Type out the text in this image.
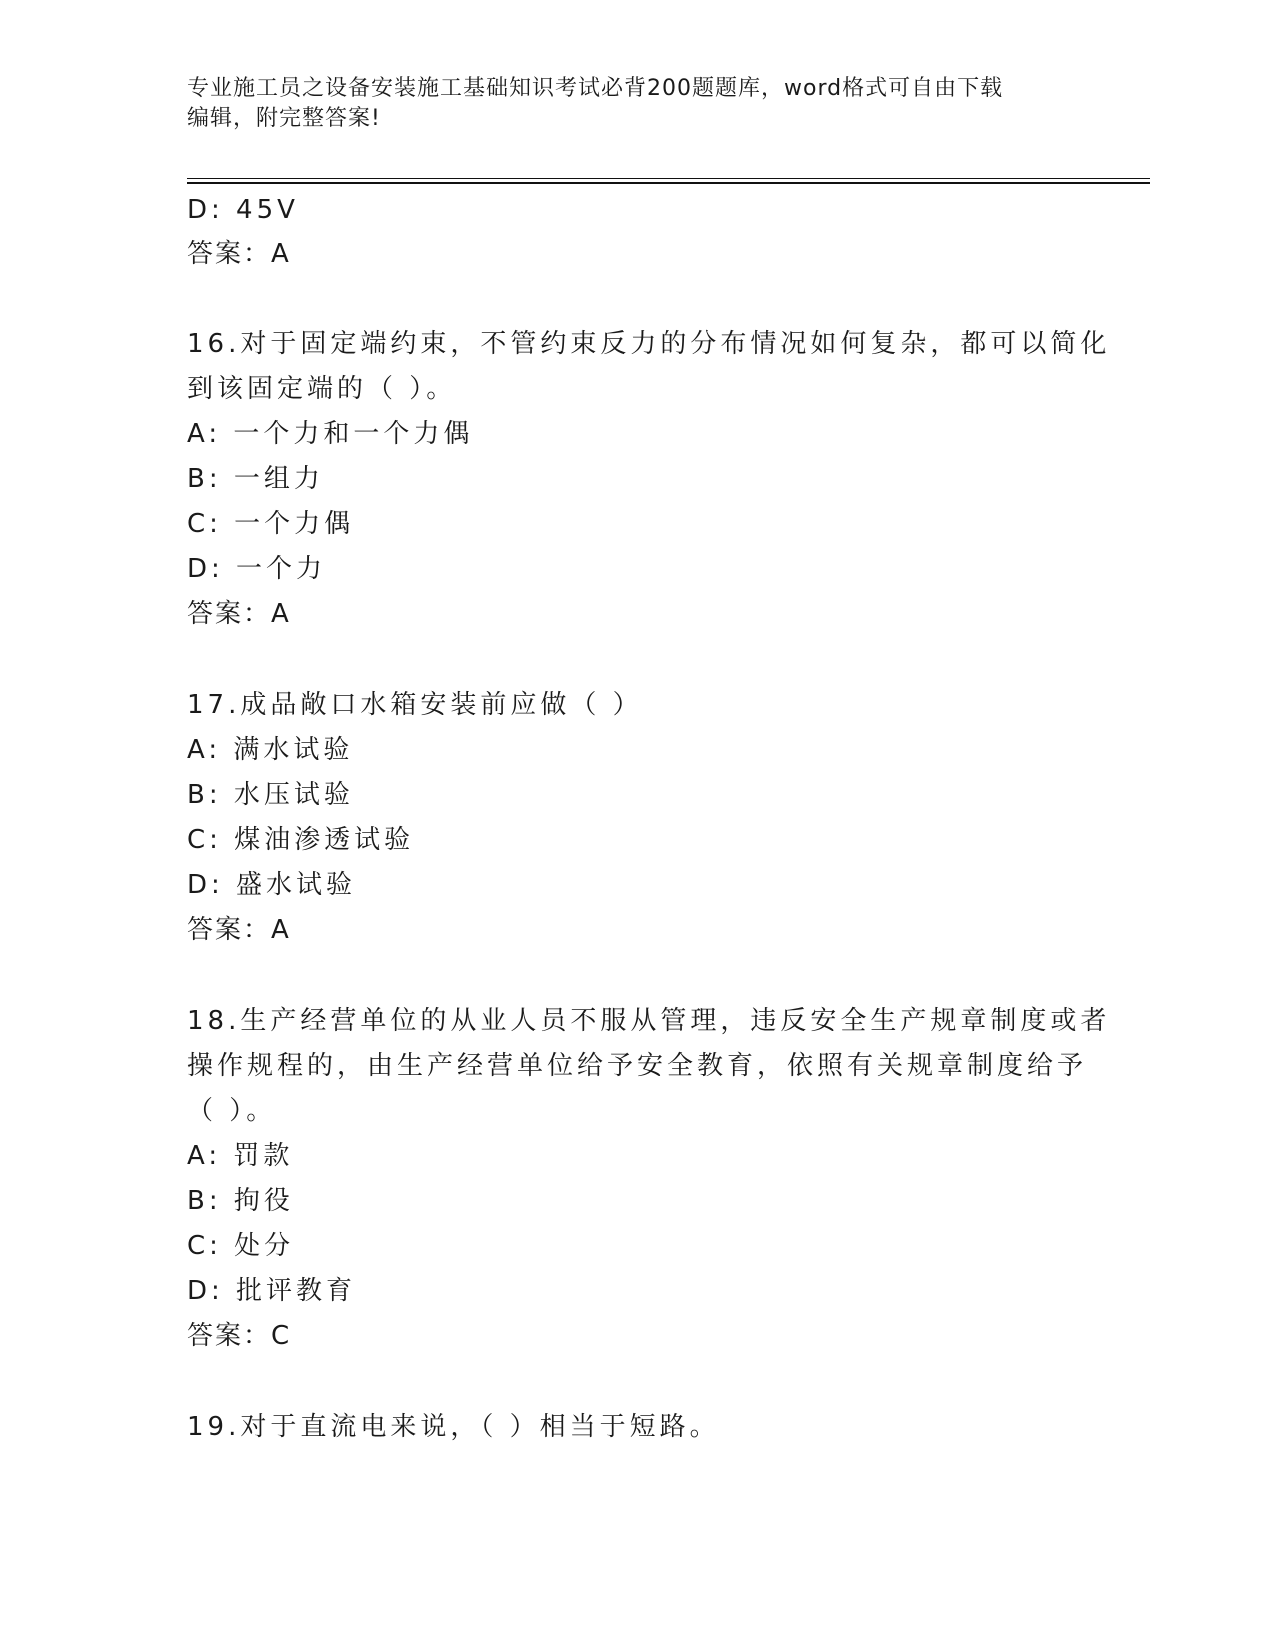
专业施工员之设备安装施工基础知识考试必背200题题库，word格式可自由下载
编辑，附完整答案!
D: 45V
答案：A
16.对于固定端约束，不管约束反力的分布情况如何复杂，都可以简化
到该固定端的（ ）。
A: 一个力和一个力偶
B: 一组力
C: 一个力偶
D: 一个力
答案：A
17.成品敞口水箱安装前应做（ ）
A: 满水试验
B: 水压试验
C: 煤油渗透试验
D: 盛水试验
答案：A
18.生产经营单位的从业人员不服从管理，违反安全生产规章制度或者
操作规程的，由生产经营单位给予安全教育，依照有关规章制度给予
（ ）。
A: 罚款
B: 拘役
C: 处分
D: 批评教育
答案：C
19.对于直流电来说，（ ）相当于短路。
